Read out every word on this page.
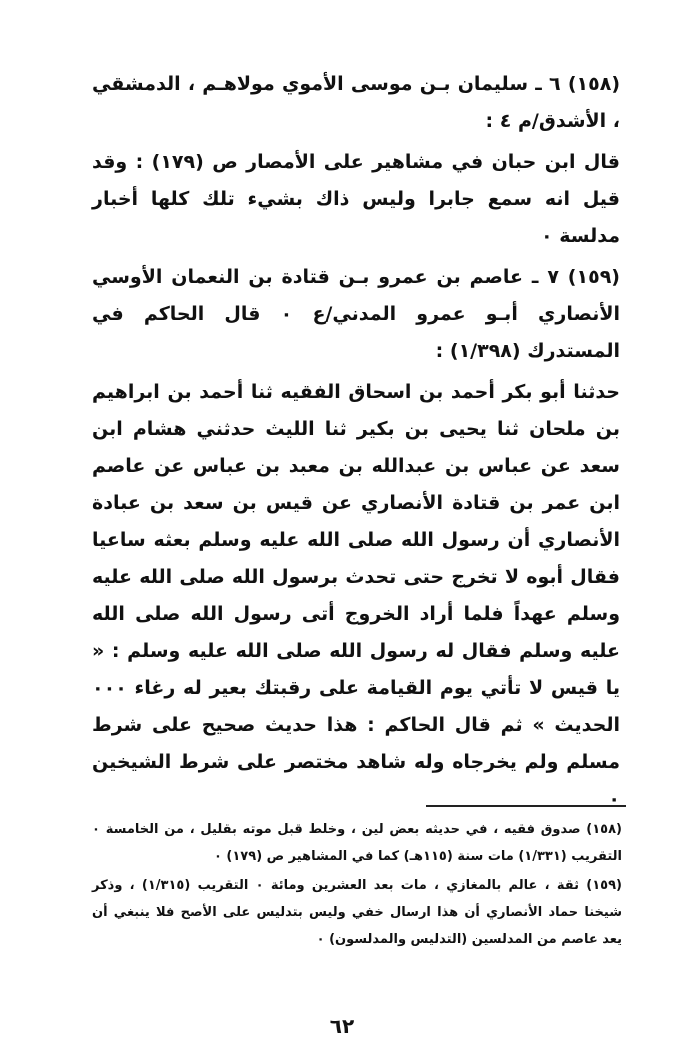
(١٥٨) ٦ ـ سليمان بـن موسى الأموي مولاهـم ، الدمشقي ، الأشدق/م ٤ :

قال ابن حبان في مشاهير على الأمصار ص (١٧٩) : وقد قيل انه سمع جابرا وليس ذاك بشيء تلك كلها أخبار مدلسة ٠

(١٥٩) ٧ ـ عاصم بن عمرو بـن قتادة بن النعمان الأوسي الأنصاري أبـو عمرو المدني/ع ٠ قال الحاكم في المستدرك (١/٣٩٨) :

حدثنا أبو بكر أحمد بن اسحاق الفقيه ثنا أحمد بن ابراهيم بن ملحان ثنا يحيى بن بكير ثنا الليث حدثني هشام ابن سعد عن عباس بن عبدالله بن معبد بن عباس عن عاصم ابن عمر بن قتادة الأنصاري عن قيس بن سعد بن عبادة الأنصاري أن رسول الله صلى الله عليه وسلم بعثه ساعيا فقال أبوه لا تخرج حتى تحدث برسول الله صلى الله عليه وسلم عهداً فلما أراد الخروج أتى رسول الله صلى الله عليه وسلم فقال له رسول الله صلى الله عليه وسلم : « يا قيس لا تأتي يوم القيامة على رقبتك بعير له رغاء ٠٠٠ الحديث » ثم قال الحاكم : هذا حديث صحيح على شرط مسلم ولم يخرجاه وله شاهد مختصر على شرط الشيخين ٠

(١٥٨) صدوق فقيه ، في حديثه بعض لين ، وخلط قبل موته بقليل ، من الخامسة ٠ التقريب (١/٣٣١) مات سنة (١١٥هـ) كما في المشاهير ص (١٧٩) ٠

(١٥٩) ثقة ، عالم بالمغازي ، مات بعد العشرين ومائة ٠ التقريب (١/٣١٥) ، وذكر شيخنا حماد الأنصاري أن هذا ارسال خفي وليس بتدليس على الأصح فلا ينبغي أن يعد عاصم من المدلسين (التدليس والمدلسون) ٠

٦٢
